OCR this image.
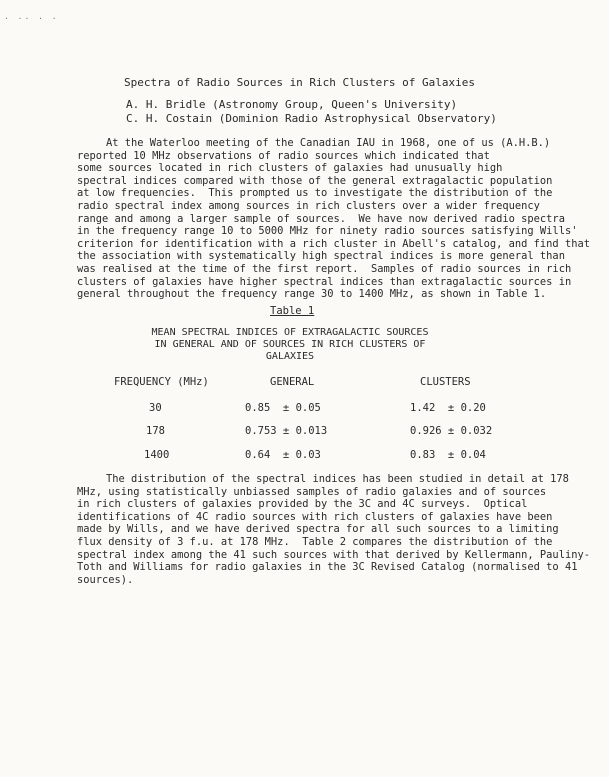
· ·· · ·
Spectra of Radio Sources in Rich Clusters of Galaxies
A. H. Bridle (Astronomy Group, Queen's University)
C. H. Costain (Dominion Radio Astrophysical Observatory)
At the Waterloo meeting of the Canadian IAU in 1968, one of us (A.H.B.)
reported 10 MHz observations of radio sources which indicated that
some sources located in rich clusters of galaxies had unusually high
spectral indices compared with those of the general extragalactic population
at low frequencies.  This prompted us to investigate the distribution of the
radio spectral index among sources in rich clusters over a wider frequency
range and among a larger sample of sources.  We have now derived radio spectra
in the frequency range 10 to 5000 MHz for ninety radio sources satisfying Wills'
criterion for identification with a rich cluster in Abell's catalog, and find that
the association with systematically high spectral indices is more general than
was realised at the time of the first report.  Samples of radio sources in rich
clusters of galaxies have higher spectral indices than extragalactic sources in
general throughout the frequency range 30 to 1400 MHz, as shown in Table 1.
Table 1
MEAN SPECTRAL INDICES OF EXTRAGALACTIC SOURCES
IN GENERAL AND OF SOURCES IN RICH CLUSTERS OF
GALAXIES
FREQUENCY (MHz)	GENERAL	CLUSTERS
30	0.85  ± 0.05	1.42  ± 0.20
178	0.753 ± 0.013	0.926 ± 0.032
1400	0.64  ± 0.03	0.83  ± 0.04
The distribution of the spectral indices has been studied in detail at 178
MHz, using statistically unbiassed samples of radio galaxies and of sources
in rich clusters of galaxies provided by the 3C and 4C surveys.  Optical
identifications of 4C radio sources with rich clusters of galaxies have been
made by Wills, and we have derived spectra for all such sources to a limiting
flux density of 3 f.u. at 178 MHz.  Table 2 compares the distribution of the
spectral index among the 41 such sources with that derived by Kellermann, Pauliny-
Toth and Williams for radio galaxies in the 3C Revised Catalog (normalised to 41
sources).
